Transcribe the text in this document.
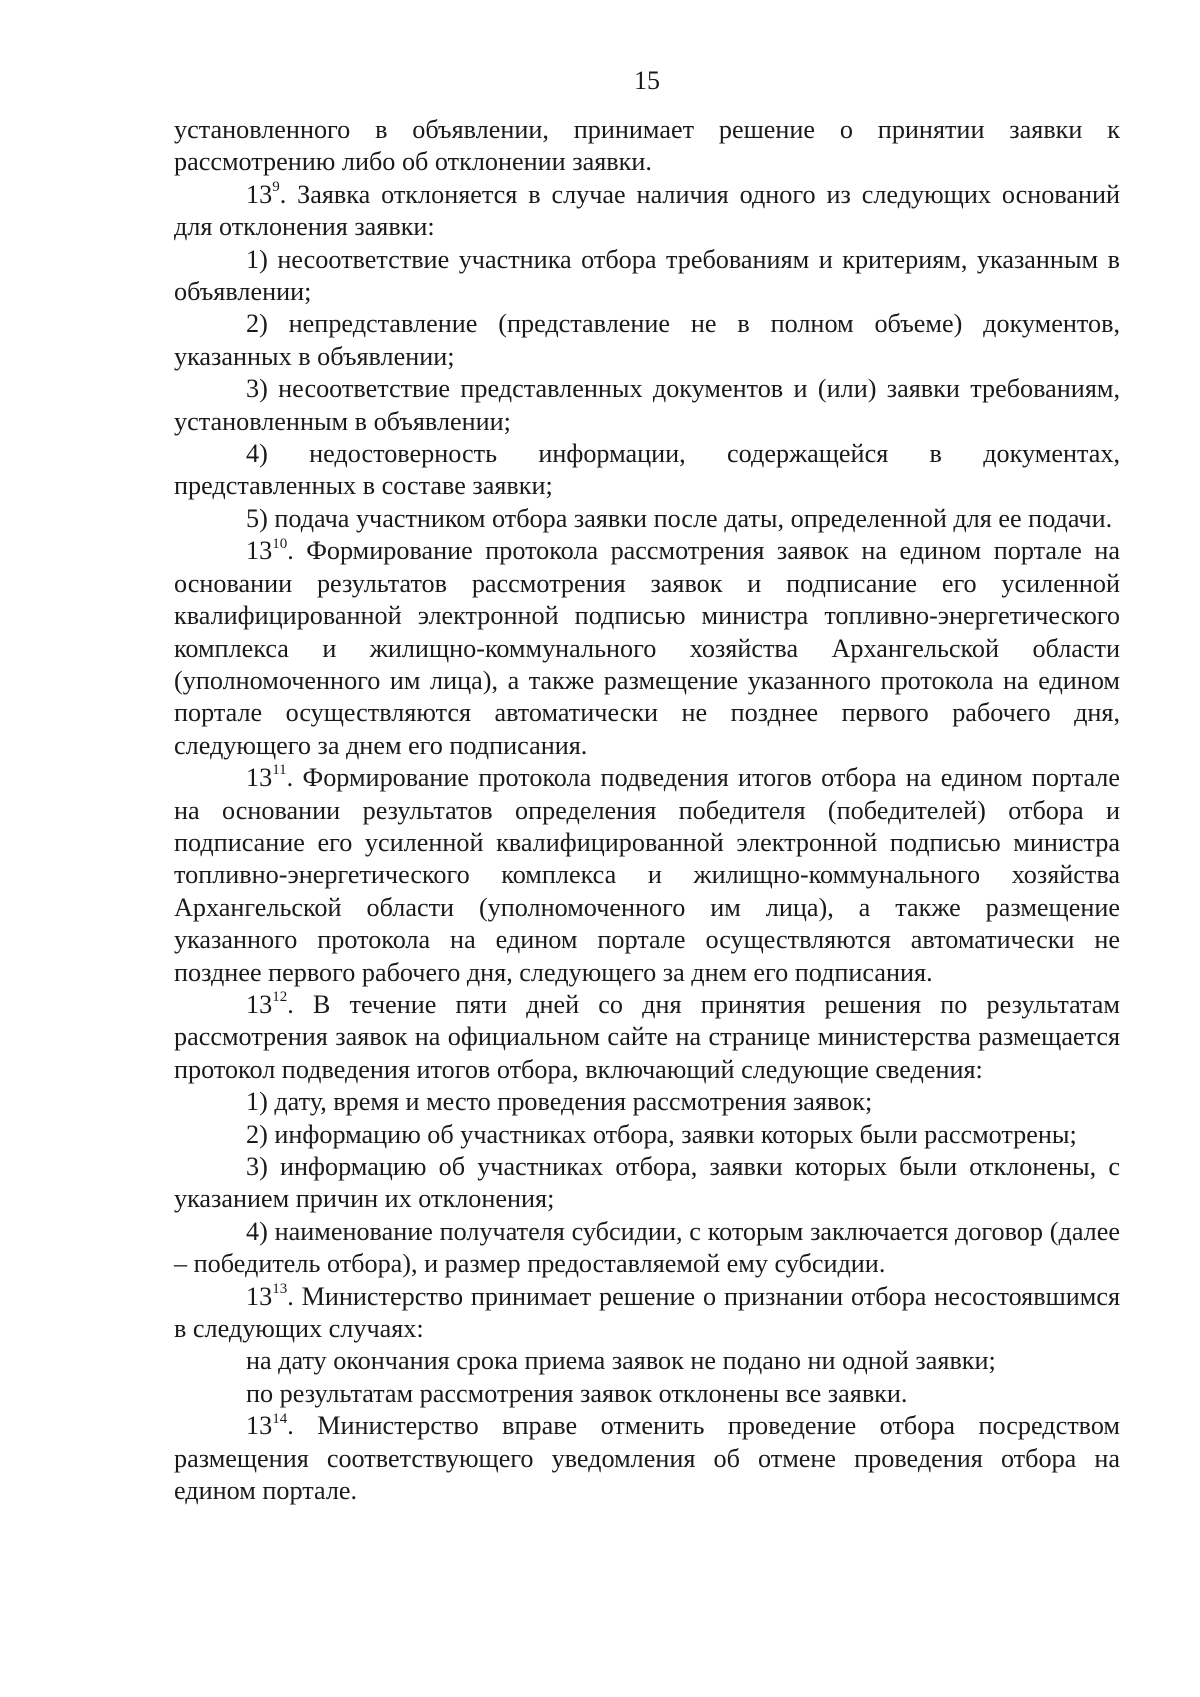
15

установленного в объявлении, принимает решение о принятии заявки к рассмотрению либо об отклонении заявки.

$13^9$. Заявка отклоняется в случае наличия одного из следующих оснований для отклонения заявки:

1) несоответствие участника отбора требованиям и критериям, указанным в объявлении;

2) непредставление (представление не в полном объеме) документов, указанных в объявлении;

3) несоответствие представленных документов и (или) заявки требованиям, установленным в объявлении;

4) недостоверность информации, содержащейся в документах, представленных в составе заявки;

5) подача участником отбора заявки после даты, определенной для ее подачи.

$13^{10}$. Формирование протокола рассмотрения заявок на едином портале на основании результатов рассмотрения заявок и подписание его усиленной квалифицированной электронной подписью министра топливно-энергетического комплекса и жилищно-коммунального хозяйства Архангельской области (уполномоченного им лица), а также размещение указанного протокола на едином портале осуществляются автоматически не позднее первого рабочего дня, следующего за днем его подписания.

$13^{11}$. Формирование протокола подведения итогов отбора на едином портале на основании результатов определения победителя (победителей) отбора и подписание его усиленной квалифицированной электронной подписью министра топливно-энергетического комплекса и жилищно-коммунального хозяйства Архангельской области (уполномоченного им лица), а также размещение указанного протокола на едином портале осуществляются автоматически не позднее первого рабочего дня, следующего за днем его подписания.

$13^{12}$. В течение пяти дней со дня принятия решения по результатам рассмотрения заявок на официальном сайте на странице министерства размещается протокол подведения итогов отбора, включающий следующие сведения:

1) дату, время и место проведения рассмотрения заявок;

2) информацию об участниках отбора, заявки которых были рассмотрены;

3) информацию об участниках отбора, заявки которых были отклонены, с указанием причин их отклонения;

4) наименование получателя субсидии, с которым заключается договор (далее – победитель отбора), и размер предоставляемой ему субсидии.

$13^{13}$. Министерство принимает решение о признании отбора несостоявшимся в следующих случаях:

на дату окончания срока приема заявок не подано ни одной заявки;

по результатам рассмотрения заявок отклонены все заявки.

$13^{14}$. Министерство вправе отменить проведение отбора посредством размещения соответствующего уведомления об отмене проведения отбора на едином портале.
